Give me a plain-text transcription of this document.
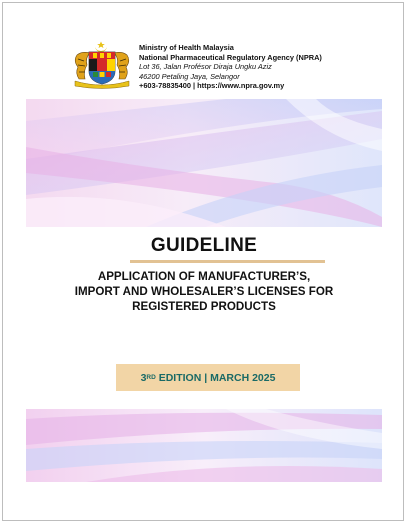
Ministry of Health Malaysia
National Pharmaceutical Regulatory Agency (NPRA)
Lot 36, Jalan Profésor Diraja Ungku Aziz
46200 Petaling Jaya, Selangor
+603-78835400 | https://www.npra.gov.my
GUIDELINE
APPLICATION OF MANUFACTURER’S,
IMPORT AND WHOLESALER’S LICENSES FOR
REGISTERED PRODUCTS
3 RD EDITION | MARCH 2025
